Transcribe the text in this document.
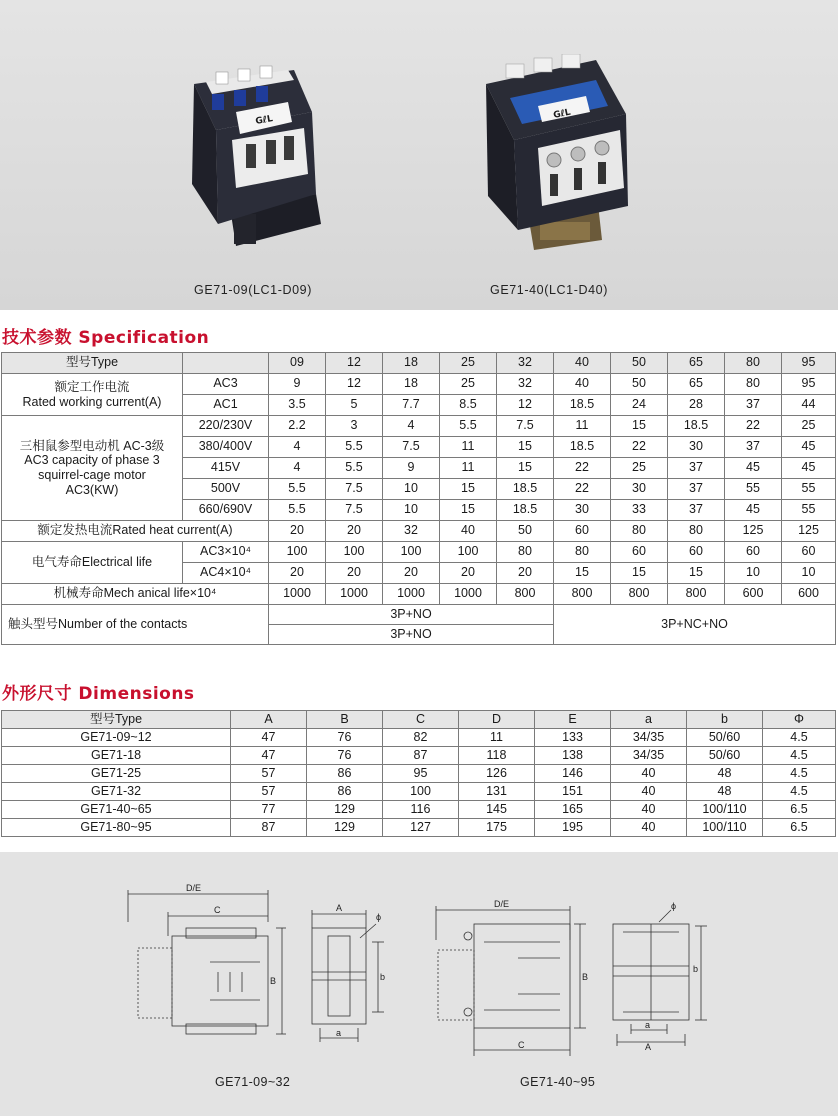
GℓL
GE71-09(LC1-D09)
GℓL
GE71-40(LC1-D40)
技术参数 Specification
型号Type		09	12	18	25	32	40	50	65	80	95
额定工作电流
Rated working current(A)	AC3	9	12	18	25	32	40	50	65	80	95
	AC1	3.5	5	7.7	8.5	12	18.5	24	28	37	44
三相鼠参型电动机 AC-3级 AC3 capacity of phase 3 squirrel-cage motor AC3(KW)	220/230V	2.2	3	4	5.5	7.5	11	15	18.5	22	25
	380/400V	4	5.5	7.5	11	15	18.5	22	30	37	45
	415V	4	5.5	9	11	15	22	25	37	45	45
	500V	5.5	7.5	10	15	18.5	22	30	37	55	55
	660/690V	5.5	7.5	10	15	18.5	30	33	37	45	55
额定发热电流Rated heat current(A)		20	20	32	40	50	60	80	80	125	125
电气寿命Electrical life	AC3×10⁴	100	100	100	100	80	80	60	60	60	60
	AC4×10⁴	20	20	20	20	20	15	15	15	10	10
机械寿命Mech anical life×10⁴		1000	1000	1000	1000	800	800	800	800	600	600
触头型号Number of the contacts		3P+NO					3P+NC+NO				
		3P+NO									
外形尺寸 Dimensions
型号Type	A	B	C	D	E	a	b	Φ
GE71-09~12	47	76	82	11	133	34/35	50/60	4.5
GE71-18	47	76	87	118	138	34/35	50/60	4.5
GE71-25	57	86	95	126	146	40	48	4.5
GE71-32	57	86	100	131	151	40	48	4.5
GE71-40~65	77	129	116	145	165	40	100/110	6.5
GE71-80~95	87	129	127	175	195	40	100/110	6.5
D/E
C
B
A
a
b
ϕ
GE71-09~32
D/E
C
B
a
A
b
ϕ
GE71-40~95
